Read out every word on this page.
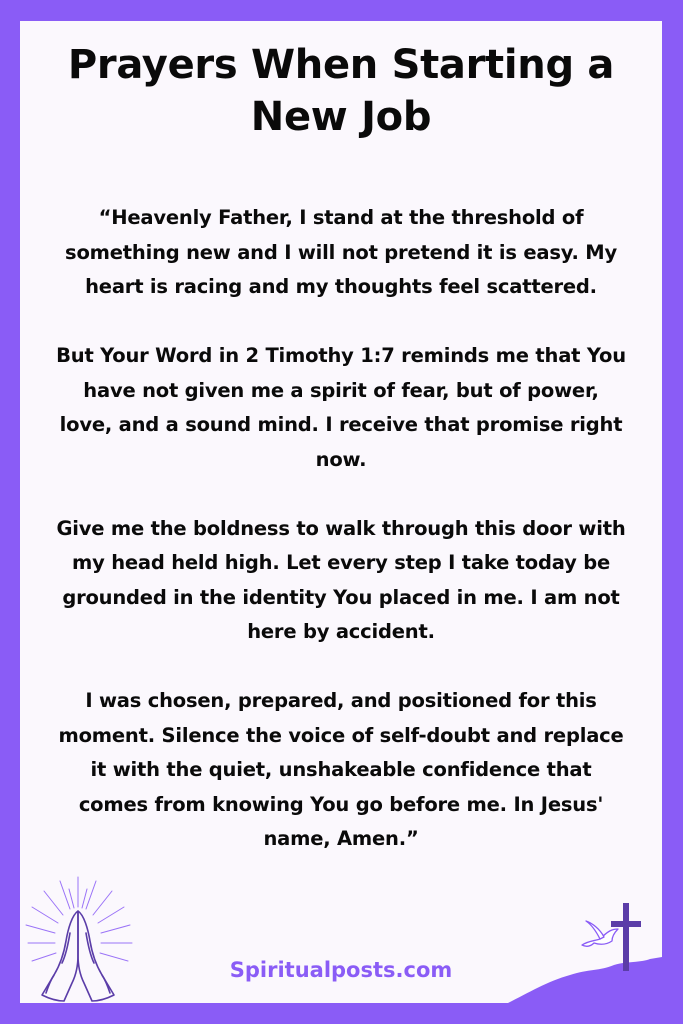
Prayers When Starting a New Job

“Heavenly Father, I stand at the threshold of something new and I will not pretend it is easy. My heart is racing and my thoughts feel scattered.

But Your Word in 2 Timothy 1:7 reminds me that You have not given me a spirit of fear, but of power, love, and a sound mind. I receive that promise right now.

Give me the boldness to walk through this door with my head held high. Let every step I take today be grounded in the identity You placed in me. I am not here by accident.

I was chosen, prepared, and positioned for this moment. Silence the voice of self-doubt and replace it with the quiet, unshakeable confidence that comes from knowing You go before me. In Jesus' name, Amen.”

Spiritualposts.com
